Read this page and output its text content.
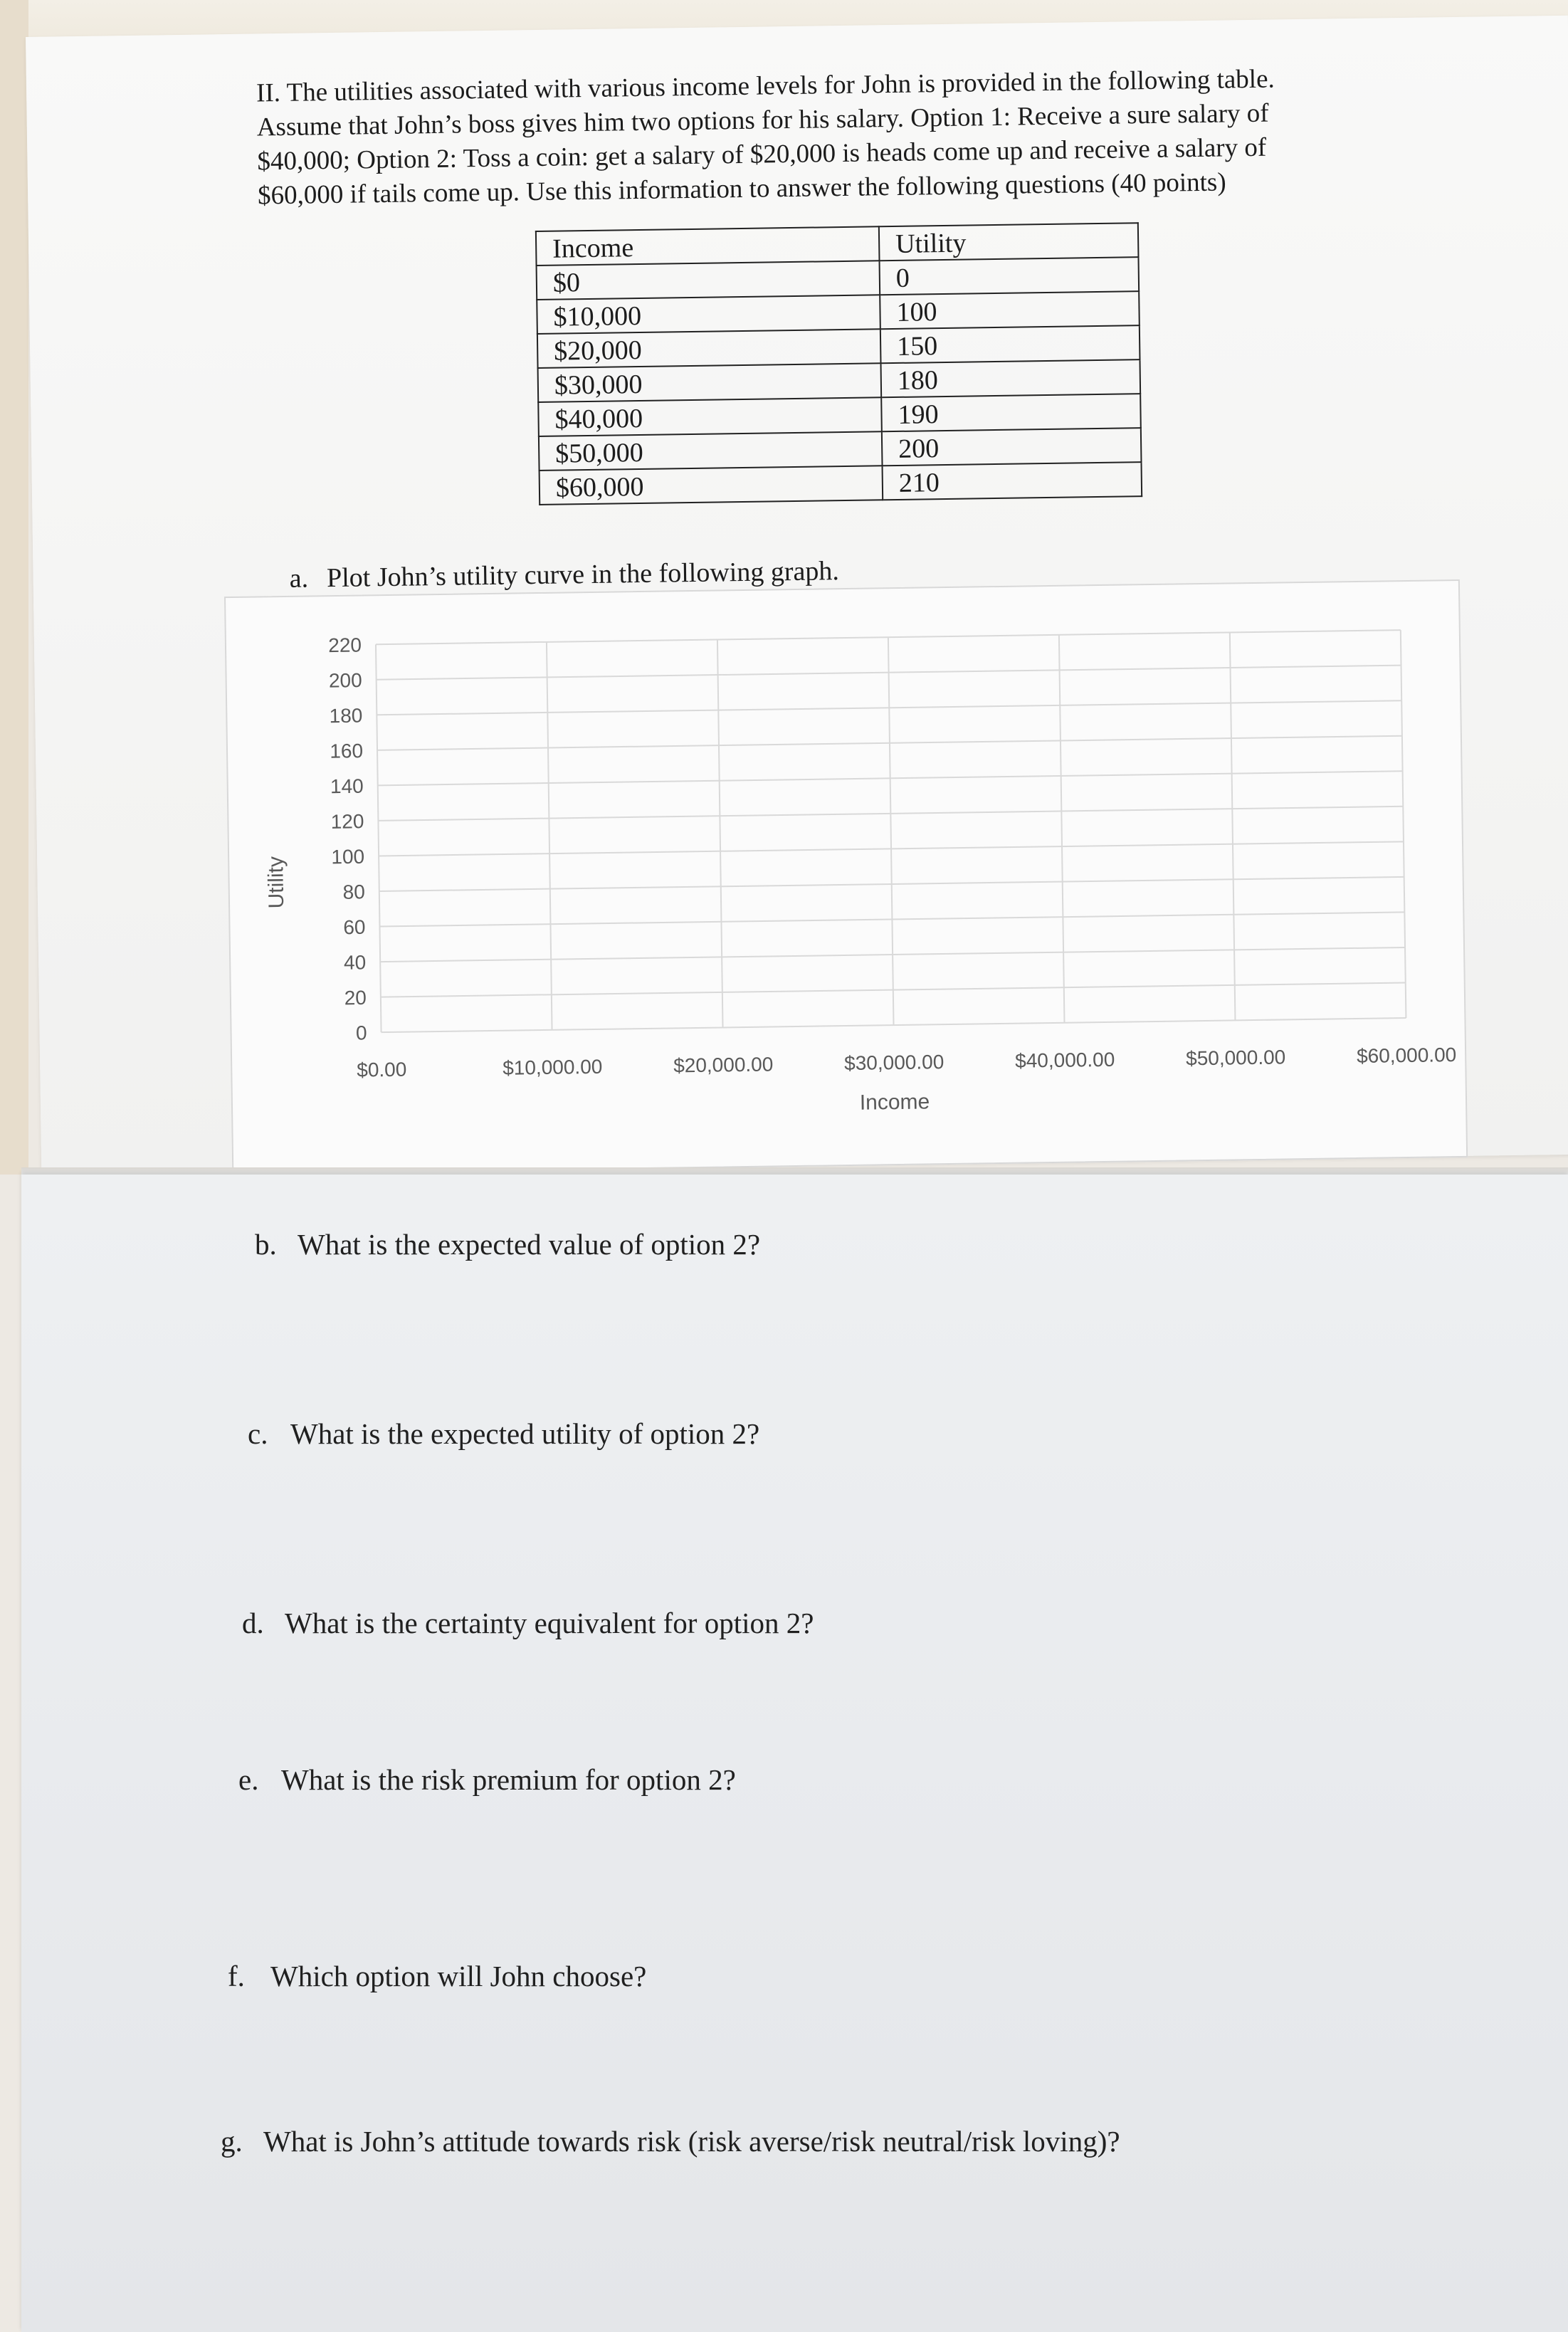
II. The utilities associated with various income levels for John is provided in the following table.
Assume that John’s boss gives him two options for his salary. Option 1: Receive a sure salary of
$40,000; Option 2: Toss a coin: get a salary of $20,000 is heads come up and receive a salary of
$60,000 if tails come up. Use this information to answer the following questions (40 points)
Income	Utility
$0	0
$10,000	100
$20,000	150
$30,000	180
$40,000	190
$50,000	200
$60,000	210
a. Plot John’s utility curve in the following graph.
0
20
40
60
80
100
120
140
160
180
200
220
$0.00	$10,000.00	$20,000.00	$30,000.00	$40,000.00	$50,000.00	$60,000.00
Income
Utility
b. What is the expected value of option 2?
c. What is the expected utility of option 2?
d. What is the certainty equivalent for option 2?
e. What is the risk premium for option 2?
f. Which option will John choose?
g. What is John’s attitude towards risk (risk averse/risk neutral/risk loving)?
